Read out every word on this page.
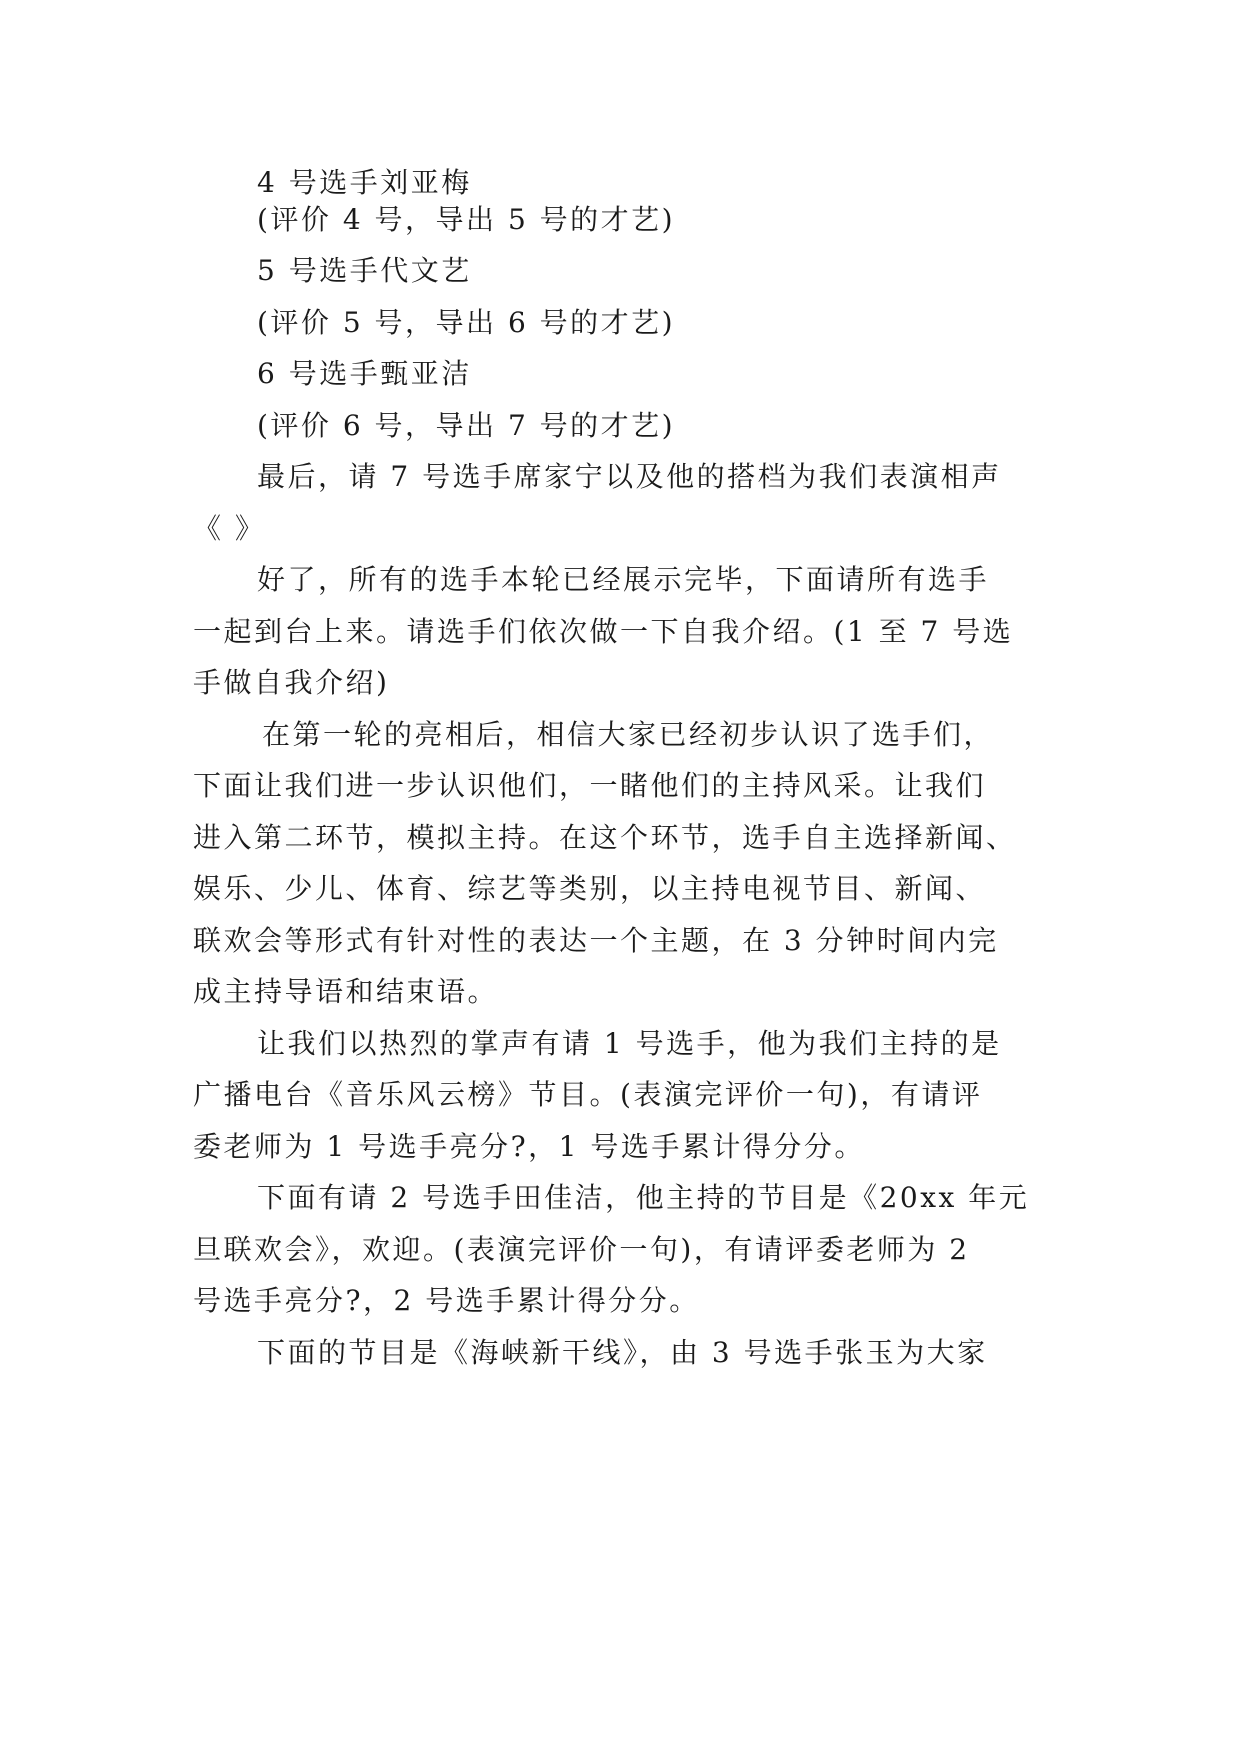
4 号选手刘亚梅
(评价 4 号，导出 5 号的才艺)
5 号选手代文艺
(评价 5 号，导出 6 号的才艺)
6 号选手甄亚洁
(评价 6 号，导出 7 号的才艺)
最后，请 7 号选手席家宁以及他的搭档为我们表演相声
《 》
好了，所有的选手本轮已经展示完毕，下面请所有选手
一起到台上来。请选手们依次做一下自我介绍。(1 至 7 号选
手做自我介绍)
在第一轮的亮相后，相信大家已经初步认识了选手们，
下面让我们进一步认识他们，一睹他们的主持风采。让我们
进入第二环节，模拟主持。在这个环节，选手自主选择新闻、
娱乐、少儿、体育、综艺等类别，以主持电视节目、新闻、
联欢会等形式有针对性的表达一个主题，在 3 分钟时间内完
成主持导语和结束语。
让我们以热烈的掌声有请 1 号选手，他为我们主持的是
广播电台《音乐风云榜》节目。(表演完评价一句)，有请评
委老师为 1 号选手亮分?，1 号选手累计得分分。
下面有请 2 号选手田佳洁，他主持的节目是《20xx 年元
旦联欢会》，欢迎。(表演完评价一句)，有请评委老师为 2
号选手亮分?，2 号选手累计得分分。
下面的节目是《海峡新干线》，由 3 号选手张玉为大家
